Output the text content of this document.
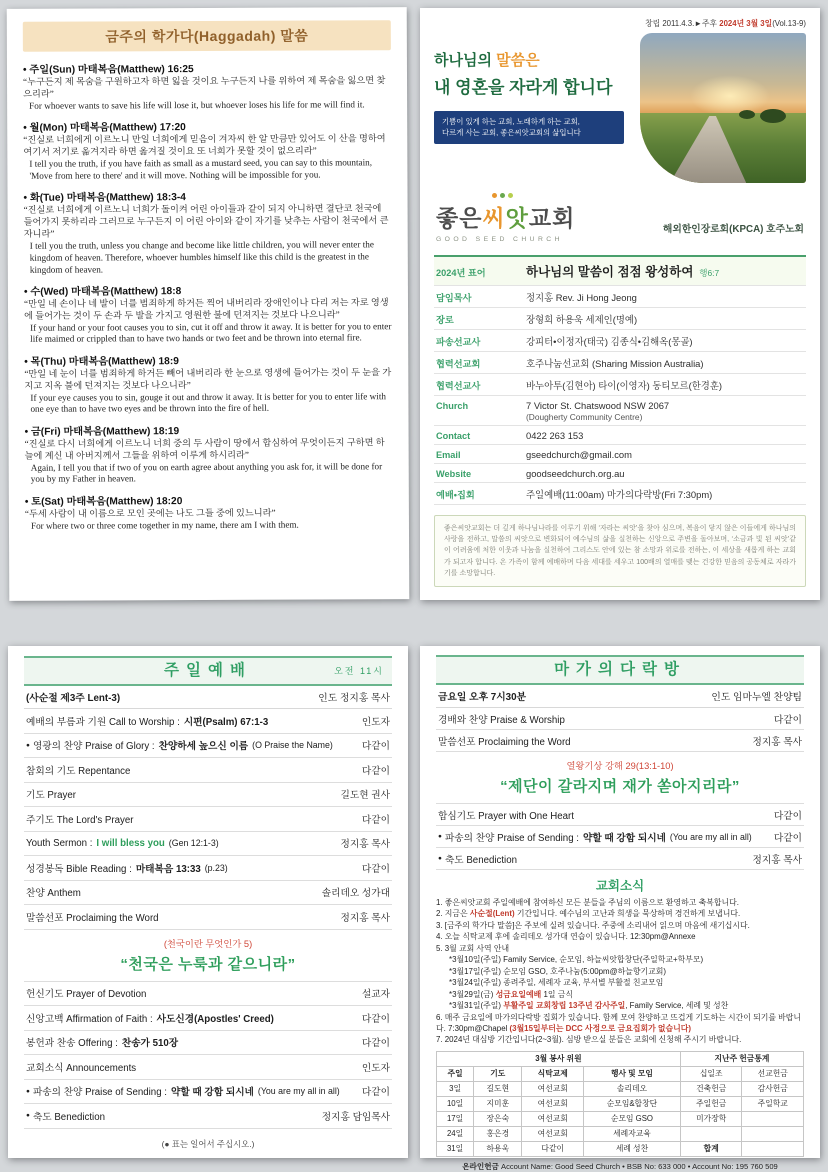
금주의 학가다(Haggadah) 말씀
• 주일(Sun) 마태복음(Matthew) 16:25
“누구든지 제 목숨을 구원하고자 하면 잃을 것이요 누구든지 나를 위하여 제 목숨을 잃으면 찾으리라”
For whoever wants to save his life will lose it, but whoever loses his life for me will find it.
• 월(Mon) 마태복음(Matthew) 17:20
“진실로 너희에게 이르노니 만일 너희에게 믿음이 겨자씨 한 알 만큼만 있어도 이 산을 명하여 여기서 저기로 옮겨지라 하면 옮겨질 것이요 또 너희가 못할 것이 없으리라”
I tell you the truth, if you have faith as small as a mustard seed, you can say to this mountain, 'Move from here to there' and it will move. Nothing will be impossible for you.
• 화(Tue) 마태복음(Matthew) 18:3-4
“진실로 너희에게 이르노니 너희가 돌이켜 어린 아이들과 같이 되지 아니하면 결단코 천국에 들어가지 못하리라 그러므로 누구든지 이 어린 아이와 같이 자기를 낮추는 사람이 천국에서 큰 자니라”
I tell you the truth, unless you change and become like little children, you will never enter the kingdom of heaven. Therefore, whoever humbles himself like this child is the greatest in the kingdom of heaven.
• 수(Wed) 마태복음(Matthew) 18:8
“만일 네 손이나 네 발이 너를 범죄하게 하거든 찍어 내버리라 장애인이나 다리 저는 자로 영생에 들어가는 것이 두 손과 두 발을 가지고 영원한 불에 던져지는 것보다 나으니라”
If your hand or your foot causes you to sin, cut it off and throw it away. It is better for you to enter life maimed or crippled than to have two hands or two feet and be thrown into eternal fire.
• 목(Thu) 마태복음(Matthew) 18:9
“만일 네 눈이 너를 범죄하게 하거든 빼어 내버리라 한 눈으로 영생에 들어가는 것이 두 눈을 가지고 지옥 불에 던져지는 것보다 나으니라”
If your eye causes you to sin, gouge it out and throw it away. It is better for you to enter life with one eye than to have two eyes and be thrown into the fire of hell.
• 금(Fri) 마태복음(Matthew) 18:19
“진실로 다시 너희에게 이르노니 너희 중의 두 사람이 땅에서 합심하여 무엇이든지 구하면 하늘에 계신 내 아버지께서 그들을 위하여 이루게 하시리라”
Again, I tell you that if two of you on earth agree about anything you ask for, it will be done for you by my Father in heaven.
• 토(Sat) 마태복음(Matthew) 18:20
“두세 사람이 내 이름으로 모인 곳에는 나도 그들 중에 있느니라”
For where two or three come together in my name, there am I with them.
창립 2011.4.3.►주후 2024년 3월 3일(Vol.13-9)
하나님의 말씀은
내 영혼을 자라게 합니다
기쁨이 있게 하는 교회, 노래하게 하는 교회,
다르게 사는 교회, 좋은씨앗교회의 삶입니다
좋은씨앗교회
GOOD SEED CHURCH
해외한인장로회(KPCA) 호주노회
2024년 표어	하나님의 말씀이 점점 왕성하여 행6:7
담임목사	정지홍 Rev. Ji Hong Jeong
장로	장형희 하용욱 세제인(명예)
파송선교사	강피터•이정자(태국) 김종식•김해옥(몽골)
협력선교회	호주나눔선교회 (Sharing Mission Australia)
협력선교사	바누아투(김현아) 타이(이영자) 동티모르(한경훈)
Church	7 Victor St. Chatswood NSW 2067
(Dougherty Community Centre)
Contact	0422 263 153
Email	gseedchurch@gmail.com
Website	goodseedchurch.org.au
예배•집회	주일예배(11:00am) 마가의다락방(Fri 7:30pm)
좋은씨앗교회는 더 깊게 하나님나라를 이루기 위해 ‘자라는 씨앗’을 찾아 심으며, 복음이 닿지 않은 이들에게 하나님의 사랑을 전하고, 말씀의 씨앗으로 변화되어 예수님의 삶을 실천하는 신앙으로 주변을 돌아보며, ‘소금과 빛 된 씨앗’같이 어려움에 처한 이웃과 나눔을 실천하여 그리스도 안에 있는 참 소망과 위로를 전하는, 이 세상을 새롭게 하는 교회가 되고자 합니다. 온 가족이 함께 예배하며 다음 세대를 세우고 100배의 열매를 맺는 건강한 믿음의 공동체로 자라가기를 소망합니다.
주일예배	오전 11시
(사순절 제3주 Lent-3)	인도 정지홍 목사
예배의 부름과 기원 Call to Worship : 시편(Psalm) 67:1-3	인도자
● 영광의 찬양 Praise of Glory : 찬양하세 높으신 이름 (O Praise the Name)	다같이
참회의 기도 Repentance	다같이
기도 Prayer	길도현 권사
주기도 The Lord's Prayer	다같이
Youth Sermon : I will bless you (Gen 12:1-3)	정지홍 목사
성경봉독 Bible Reading : 마태복음 13:33 (p.23)	다같이
찬양 Anthem	솔리데오 성가대
말씀선포 Proclaiming the Word	정지홍 목사
(천국이란 무엇인가 5)
“천국은 누룩과 같으니라”
헌신기도 Prayer of Devotion	설교자
신앙고백 Affirmation of Faith : 사도신경(Apostles' Creed)	다같이
봉헌과 찬송 Offering : 찬송가 510장	다같이
교회소식 Announcements	인도자
● 파송의 찬양 Praise of Sending : 약할 때 강함 되시네 (You are my all in all) 다같이
● 축도 Benediction	정지홍 담임목사
(● 표는 일어서 주십시오.)
마가의다락방
금요일 오후 7시30분	인도 임마누엘 찬양팀
경배와 찬양 Praise & Worship	다같이
말씀선포 Proclaiming the Word	정지홍 목사
열왕기상 강해 29(13:1-10)
“제단이 갈라지며 재가 쏟아지리라”
합심기도 Prayer with One Heart	다같이
● 파송의 찬양 Praise of Sending : 약할 때 강함 되시네 (You are my all in all) 다같이
● 축도 Benediction	정지홍 목사
교회소식

1. 좋은씨앗교회 주일예배에 참여하신 모든 분들을 주님의 이름으로 환영하고 축복합니다.

2. 지금은 사순절(Lent) 기간입니다. 예수님의 고난과 희생을 묵상하며 경건하게 보냅니다.

3. [금주의 학가다 말씀]은 주보에 실려 있습니다. 주중에 소리내어 읽으며 마음에 새기십시다.

4. 오늘 식탁교제 후에 솔리데오 성가대 연습이 있습니다. 12:30pm@Annexe

5. 3월 교회 사역 안내

*3월10일(주일) Family Service, 순모임, 하늘씨앗합창단(주일학교+학부모)

*3월17일(주일) 순모임 GSO, 호주나눔(5:00pm@하늘향기교회)

*3월24일(주일) 종려주일, 세례자 교육, 부서별 부활절 친교모임

*3월29일(금) 성금요일예배 1일 금식

*3월31일(주일) 부활주일 교회창립 13주년 감사주일, Family Service, 세례 및 성찬

6. 매주 금요일에 마가의다락방 집회가 있습니다. 함께 모여 찬양하고 뜨겁게 기도하는 시간이 되기를 바랍니다. 7:30pm@Chapel (3월15일부터는 DCC 사정으로 금요집회가 없습니다)

7. 2024년 대심방 기간입니다(2~3월). 심방 받으실 분들은 교회에 신청해 주시기 바랍니다.

3월 봉사 위원				지난주 헌금통계	
주일	기도	식탁교제	행사 및 모임	십일조	선교헌금
3일	길도현	여선교회	솔리데오	건축헌금	감사헌금
10일	지미훈	여선교회	순모임&합창단	주일헌금	주일학교
17일	장은숙	여선교회	순모임 GSO	미가장학	
24일	홍은경	여선교회	세례자교육		
31일	하용욱	다같이	세례 성찬	합계	
온라인헌금 Account Name: Good Seed Church • BSB No: 633 000 • Account No: 195 760 509
